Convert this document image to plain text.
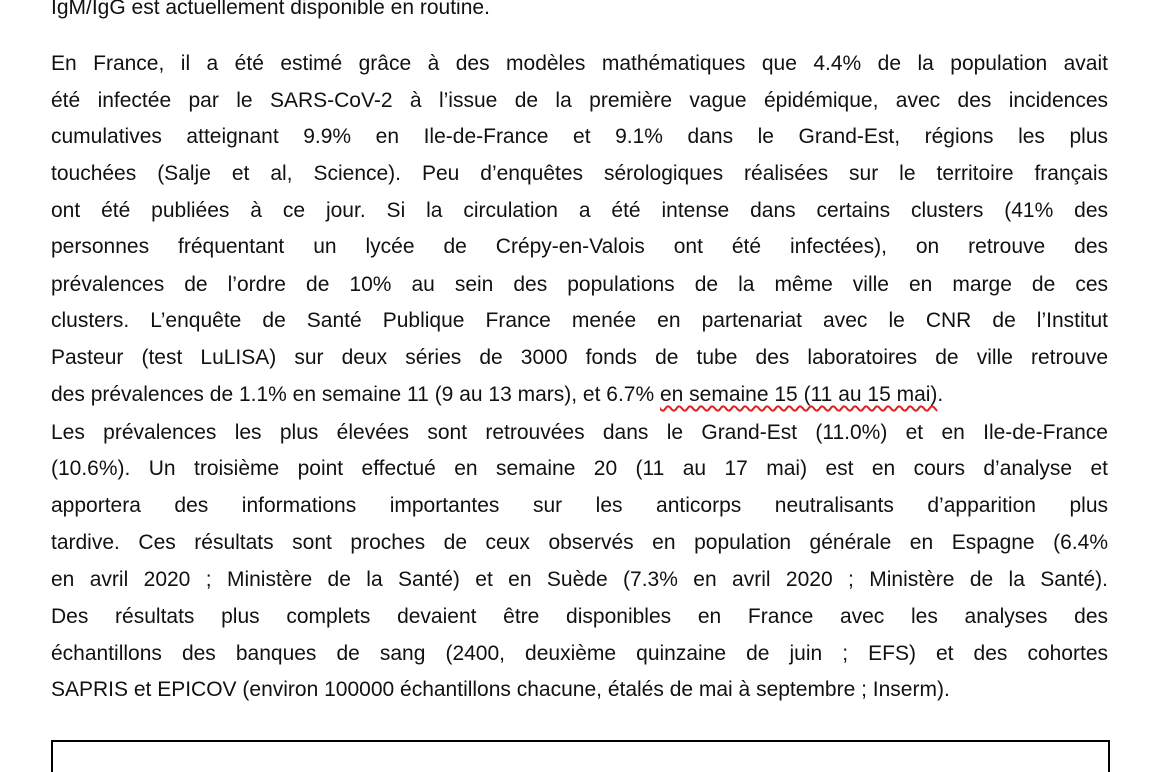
IgM/IgG est actuellement disponible en routine.
En France, il a été estimé grâce à des modèles mathématiques que 4.4% de la population avait
été infectée par le SARS-CoV-2 à l’issue de la première vague épidémique, avec des incidences
cumulatives atteignant 9.9% en Ile-de-France et 9.1% dans le Grand-Est, régions les plus
touchées (Salje et al, Science). Peu d’enquêtes sérologiques réalisées sur le territoire français
ont été publiées à ce jour. Si la circulation a été intense dans certains clusters (41% des
personnes fréquentant un lycée de Crépy-en-Valois ont été infectées), on retrouve des
prévalences de l’ordre de 10% au sein des populations de la même ville en marge de ces
clusters. L’enquête de Santé Publique France menée en partenariat avec le CNR de l’Institut
Pasteur (test LuLISA) sur deux séries de 3000 fonds de tube des laboratoires de ville retrouve
des prévalences de 1.1% en semaine 11 (9 au 13 mars), et 6.7% en semaine 15 (11 au 15 mai).
Les prévalences les plus élevées sont retrouvées dans le Grand-Est (11.0%) et en Ile-de-France
(10.6%). Un troisième point effectué en semaine 20 (11 au 17 mai) est en cours d’analyse et
apportera des informations importantes sur les anticorps neutralisants d’apparition plus
tardive. Ces résultats sont proches de ceux observés en population générale en Espagne (6.4%
en avril 2020 ; Ministère de la Santé) et en Suède (7.3% en avril 2020 ; Ministère de la Santé).
Des résultats plus complets devaient être disponibles en France avec les analyses des
échantillons des banques de sang (2400, deuxième quinzaine de juin ; EFS) et des cohortes
SAPRIS et EPICOV (environ 100000 échantillons chacune, étalés de mai à septembre ; Inserm).
